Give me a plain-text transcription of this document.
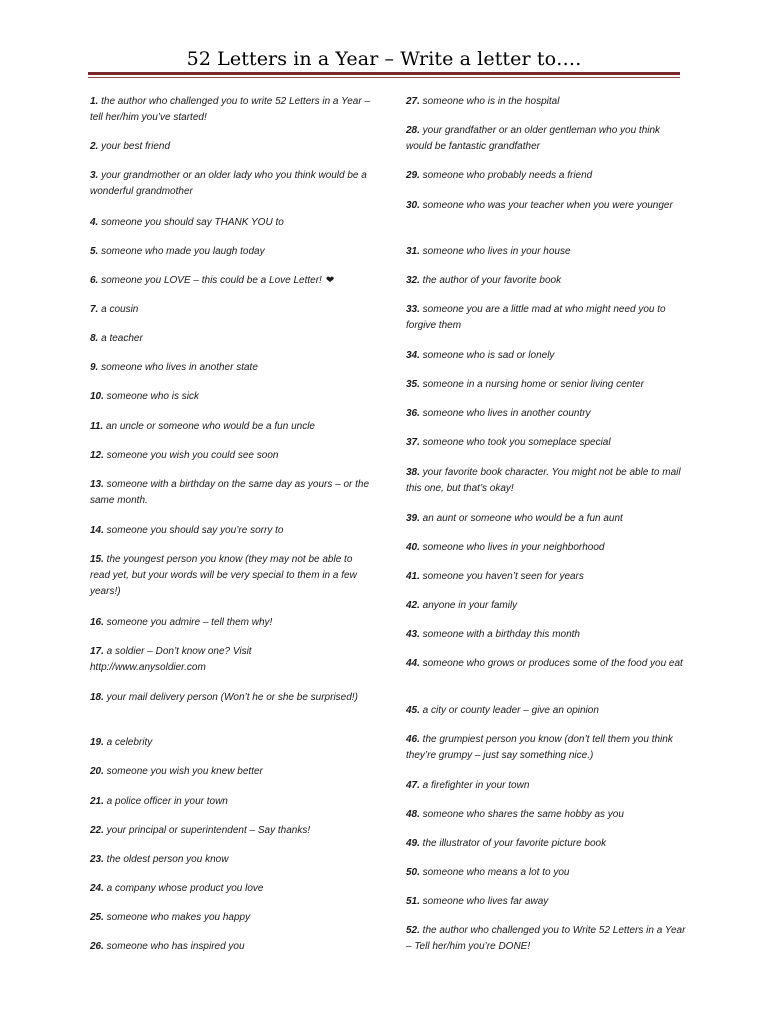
52 Letters in a Year – Write a letter to….
1. the author who challenged you to write 52 Letters in a Year – tell her/him you’ve started!
2. your best friend
3. your grandmother or an older lady who you think would be a wonderful grandmother
4. someone you should say THANK YOU to
5. someone who made you laugh today
6. someone you LOVE – this could be a Love Letter! ❤
7. a cousin
8. a teacher
9. someone who lives in another state
10. someone who is sick
11. an uncle or someone who would be a fun uncle
12. someone you wish you could see soon
13. someone with a birthday on the same day as yours – or the same month.
14. someone you should say you’re sorry to
15. the youngest person you know (they may not be able to read yet, but your words will be very special to them in a few years!)
16. someone you admire – tell them why!
17. a soldier – Don’t know one? Visit http://www.anysoldier.com
18. your mail delivery person (Won’t he or she be surprised!)
19. a celebrity
20. someone you wish you knew better
21. a police officer in your town
22. your principal or superintendent – Say thanks!
23. the oldest person you know
24. a company whose product you love
25. someone who makes you happy
26. someone who has inspired you
27. someone who is in the hospital
28. your grandfather or an older gentleman who you think would be fantastic grandfather
29. someone who probably needs a friend
30. someone who was your teacher when you were younger
31. someone who lives in your house
32. the author of your favorite book
33. someone you are a little mad at who might need you to forgive them
34. someone who is sad or lonely
35. someone in a nursing home or senior living center
36. someone who lives in another country
37. someone who took you someplace special
38. your favorite book character. You might not be able to mail this one, but that’s okay!
39. an aunt or someone who would be a fun aunt
40. someone who lives in your neighborhood
41. someone you haven’t seen for years
42. anyone in your family
43. someone with a birthday this month
44. someone who grows or produces some of the food you eat
45. a city or county leader – give an opinion
46. the grumpiest person you know (don’t tell them you think they’re grumpy – just say something nice.)
47. a firefighter in your town
48. someone who shares the same hobby as you
49. the illustrator of your favorite picture book
50. someone who means a lot to you
51. someone who lives far away
52. the author who challenged you to Write 52 Letters in a Year – Tell her/him you’re DONE!
